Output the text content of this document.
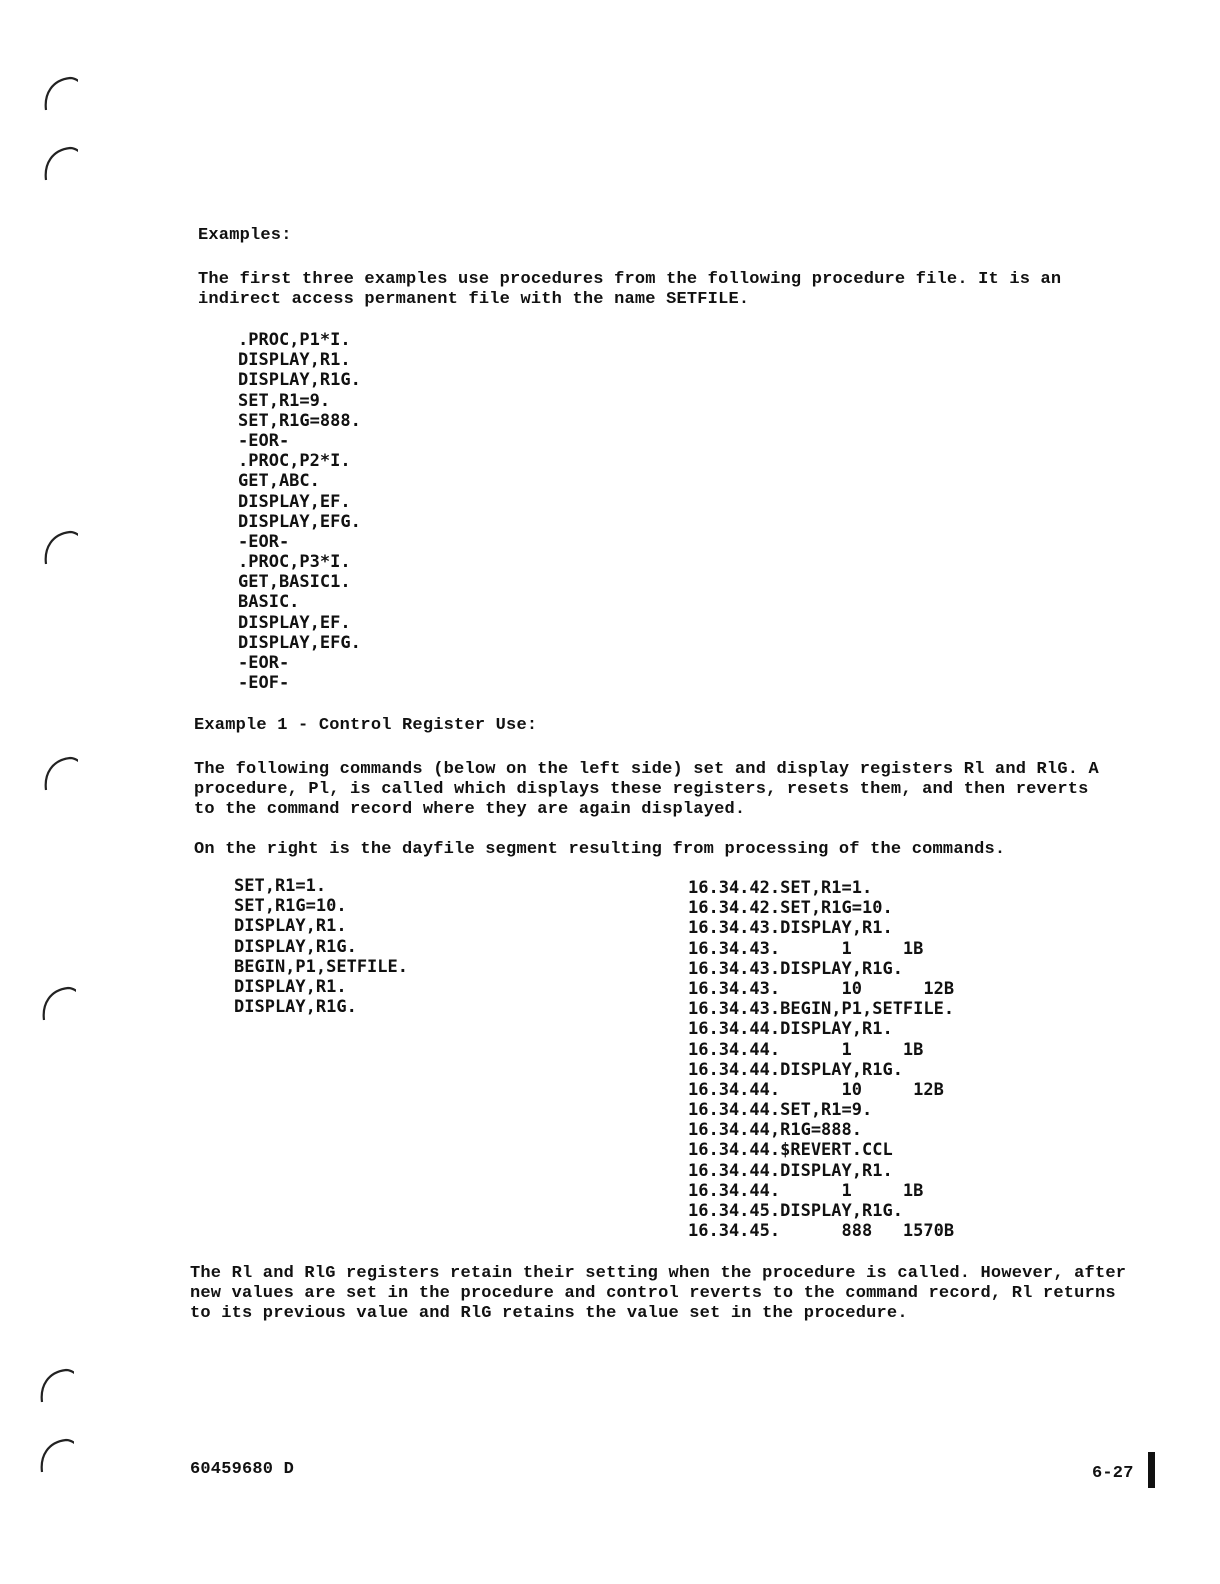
Examples:

The first three examples use procedures from the following procedure file. It is an indirect access permanent file with the name SETFILE.

.PROC,P1*I.
DISPLAY,R1.
DISPLAY,R1G.
SET,R1=9.
SET,R1G=888.
-EOR-
.PROC,P2*I.
GET,ABC.
DISPLAY,EF.
DISPLAY,EFG.
-EOR-
.PROC,P3*I.
GET,BASIC1.
BASIC.
DISPLAY,EF.
DISPLAY,EFG.
-EOR-
-EOF-
Example 1 - Control Register Use:

The following commands (below on the left side) set and display registers Rl and RlG. A procedure, Pl, is called which displays these registers, resets them, and then reverts to the command record where they are again displayed.

On the right is the dayfile segment resulting from processing of the commands.

SET,R1=1.
SET,R1G=10.
DISPLAY,R1.
DISPLAY,R1G.
BEGIN,P1,SETFILE.
DISPLAY,R1.
DISPLAY,R1G.
16.34.42.SET,R1=1.
16.34.42.SET,R1G=10.
16.34.43.DISPLAY,R1.
16.34.43.      1     1B
16.34.43.DISPLAY,R1G.
16.34.43.      10      12B
16.34.43.BEGIN,P1,SETFILE.
16.34.44.DISPLAY,R1.
16.34.44.      1     1B
16.34.44.DISPLAY,R1G.
16.34.44.      10     12B
16.34.44.SET,R1=9.
16.34.44,R1G=888.
16.34.44.$REVERT.CCL
16.34.44.DISPLAY,R1.
16.34.44.      1     1B
16.34.45.DISPLAY,R1G.
16.34.45.      888   1570B

The Rl and RlG registers retain their setting when the procedure is called. However, after new values are set in the procedure and control reverts to the command record, Rl returns to its previous value and RlG retains the value set in the procedure.

60459680 D	6-27
